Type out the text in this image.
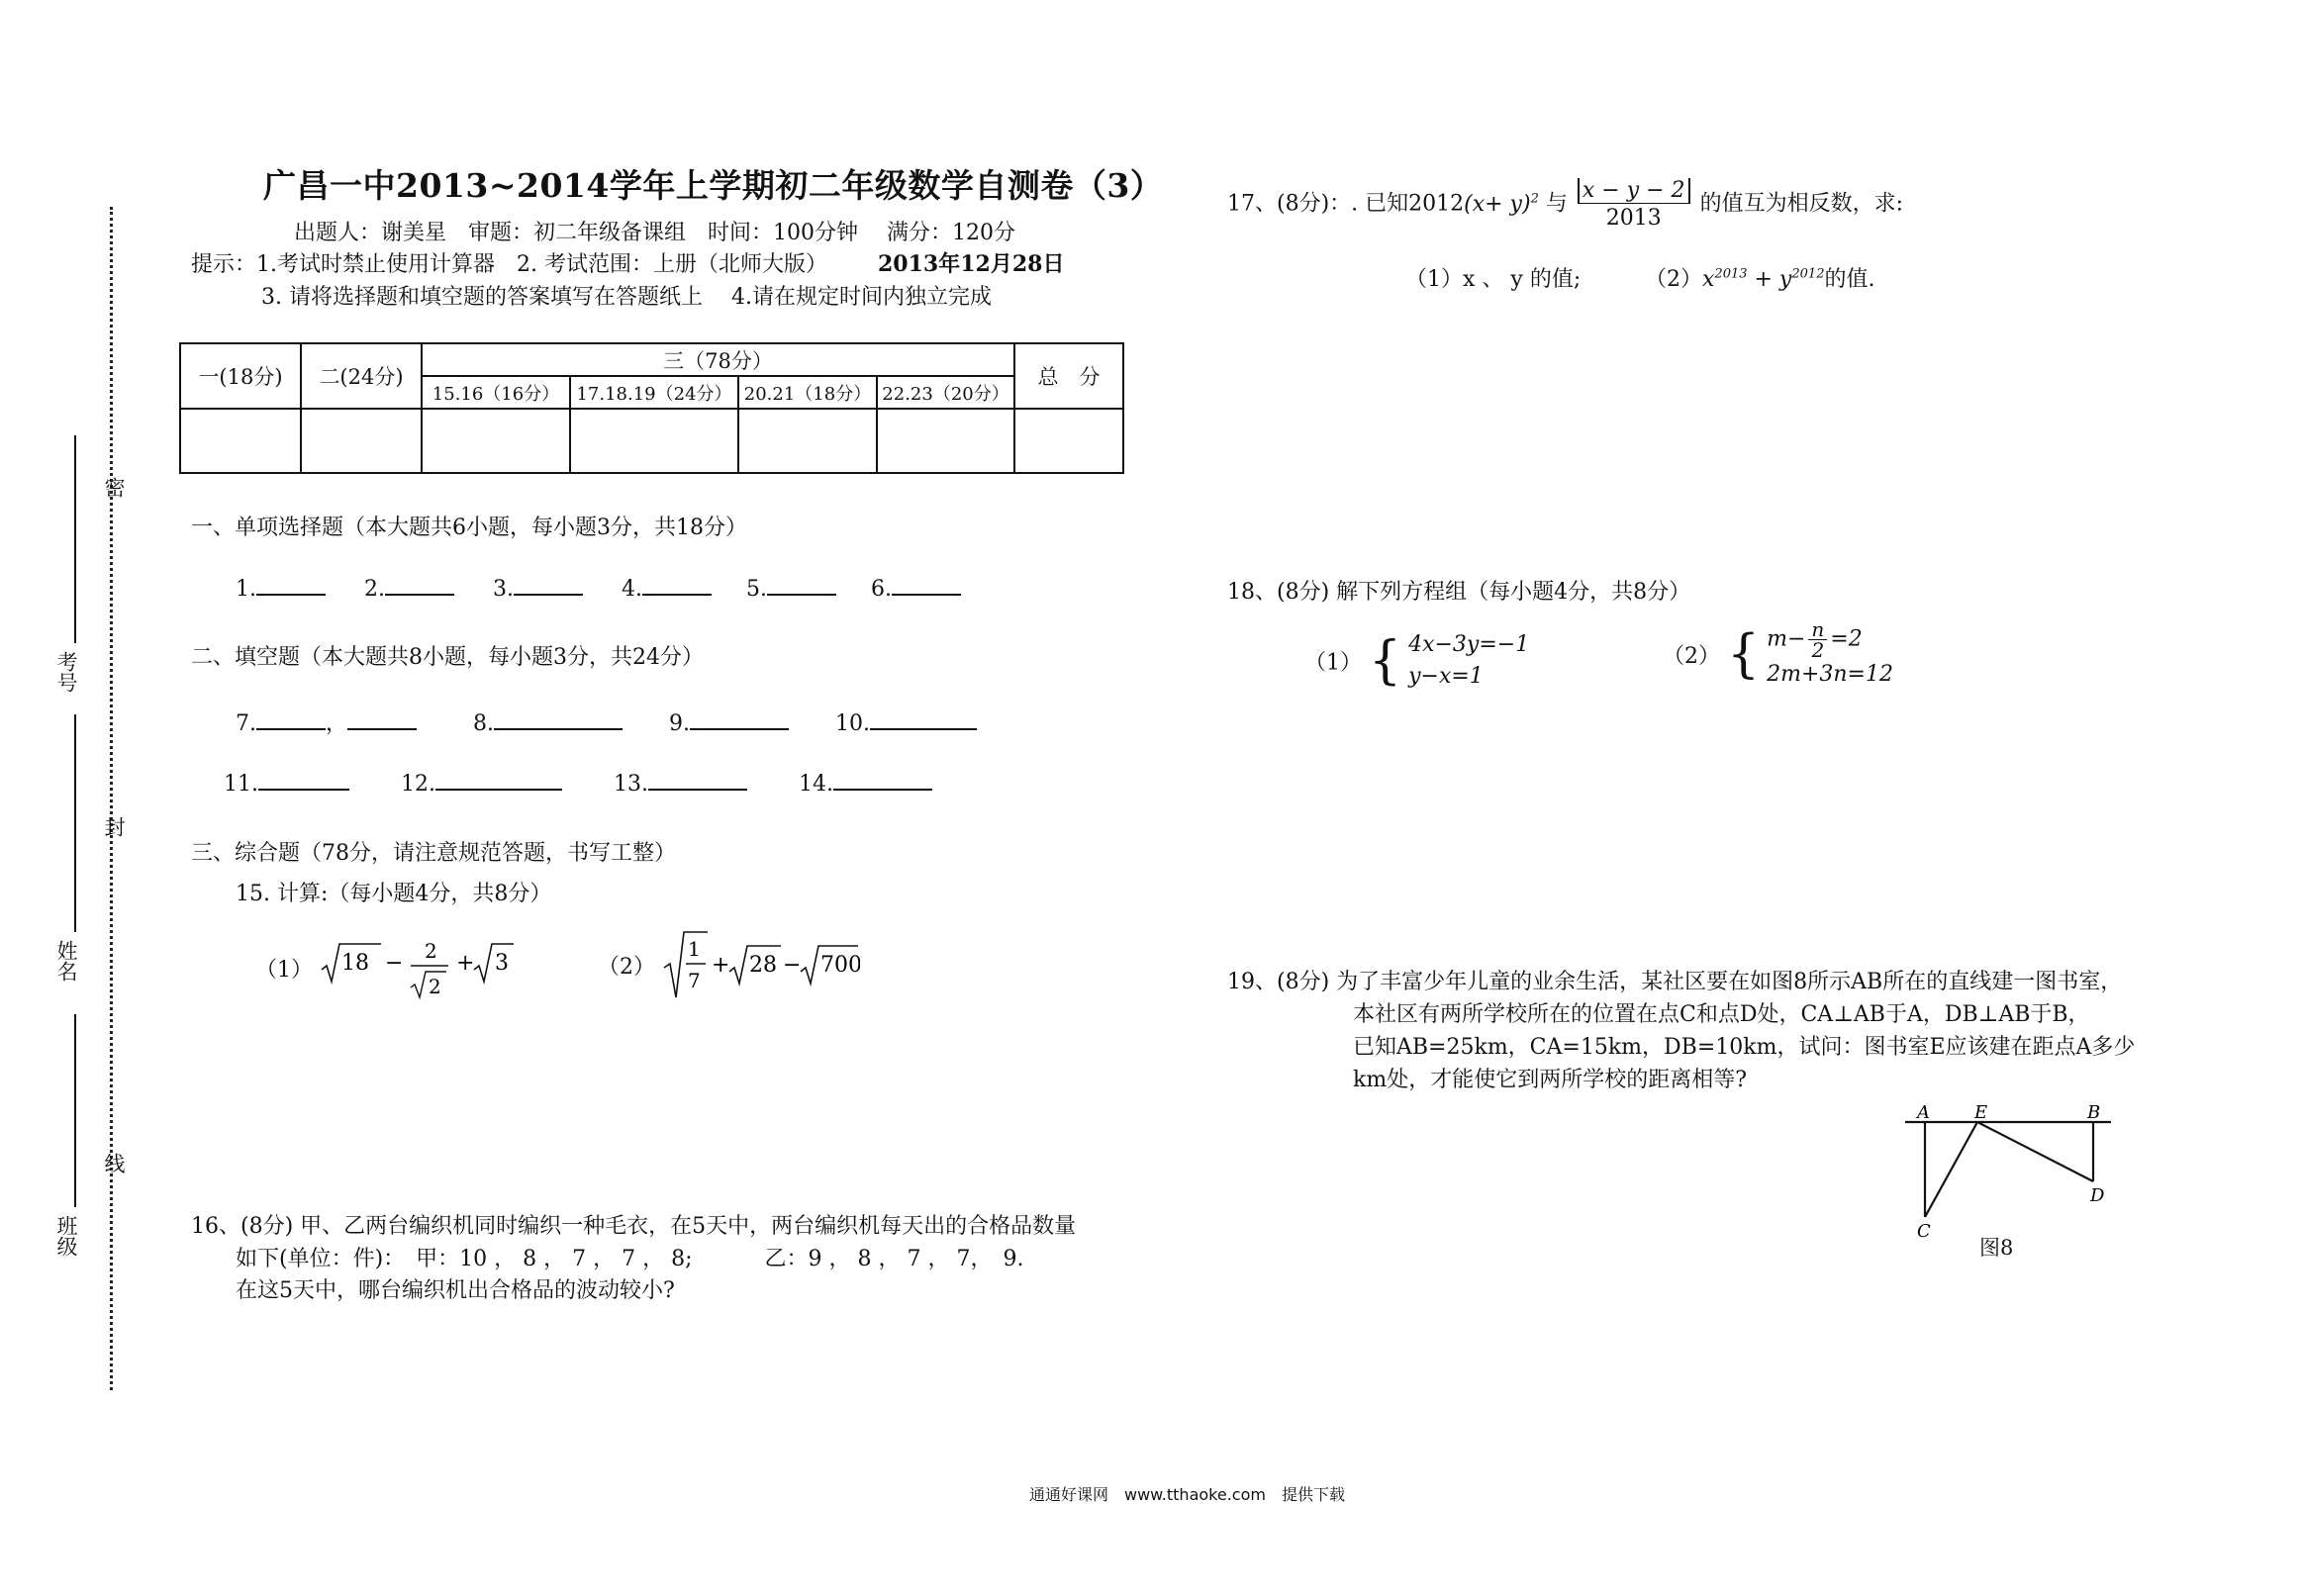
密
封
线
考号
姓名
班级
广昌一中2013~2014学年上学期初二年级数学自测卷（3）
出题人：谢美星　审题：初二年级备课组　时间：100分钟　 满分：120分
提示：1.考试时禁止使用计算器　2. 考试范围：上册（北师大版） 2013年12月28日
3. 请将选择题和填空题的答案填写在答题纸上　 4.请在规定时间内独立完成
一(18分)	二(24分)	三（78分）				总　分
		15.16（16分）	17.18.19（24分）	20.21（18分）	22.23（20分）	

一、单项选择题（本大题共6小题，每小题3分，共18分）
1.	2.	3.	4.	5.	6.
二、填空题（本大题共8小题，每小题3分，共24分）
7.	，	8.	9.	10.
11.	12.	13.	14.
三、综合题（78分，请注意规范答题，书写工整）
15. 计算:（每小题4分，共8分）
（1） 18 − 2
2
+ 3	（2）
1
7
+ 28 − 700
16、(8分) 甲、乙两台编织机同时编织一种毛衣，在5天中，两台编织机每天出的合格品数量
如下(单位：件)：　甲：10 ， 8 ， 7 ， 7 ， 8;　　　 乙：9 ， 8 ， 7 ， 7，　9.
在这5天中，哪台编织机出合格品的波动较小?
17、(8分)：. 已知$2012(x+ y)^2$ 与 $\frac{x - y - 2}{2013}$ 的值互为相反数，求:
（1）x 、 y 的值;	$(2)x^{2013} + y^{2012}$的值.
18、(8分) 解下列方程组（每小题4分，共8分）
（1） { 4x−3y=−1
y−x=1
（2） { $m- \frac{n}{2} =2$
2m+3n=12
19、(8分) 为了丰富少年儿童的业余生活，某社区要在如图8所示AB所在的直线建一图书室，
本社区有两所学校所在的位置在点C和点D处，CA⊥AB于A，DB⊥AB于B，
已知AB=25km，CA=15km，DB=10km，试问：图书室E应该建在距点A多少
km处，才能使它到两所学校的距离相等?
A	E	B
C
D
图8
通通好课网　www.tthaoke.com　提供下载
